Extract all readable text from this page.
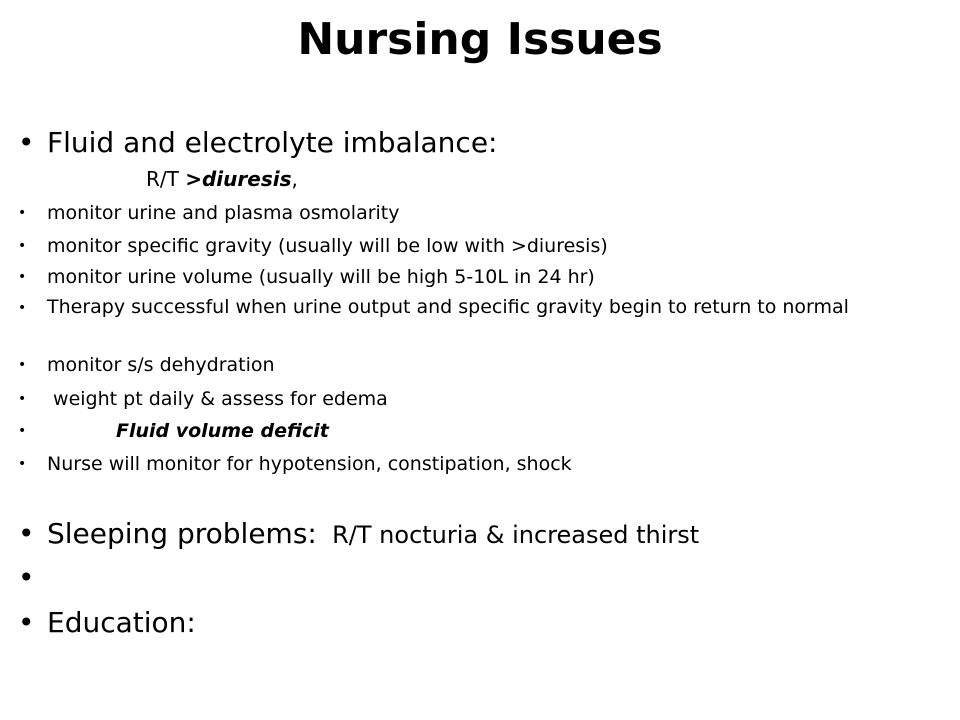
Nursing Issues
• Fluid and electrolyte imbalance:
R/T >diuresis,
• monitor urine and plasma osmolarity
• monitor specific gravity (usually will be low with >diuresis)
• monitor urine volume (usually will be high 5-10L in 24 hr)
• Therapy successful when urine output and specific gravity begin to return to normal
• monitor s/s dehydration
• weight pt daily & assess for edema
•	Fluid volume deficit
• Nurse will monitor for hypotension, constipation, shock
• Sleeping problems:  R/T nocturia & increased thirst
•
• Education:
